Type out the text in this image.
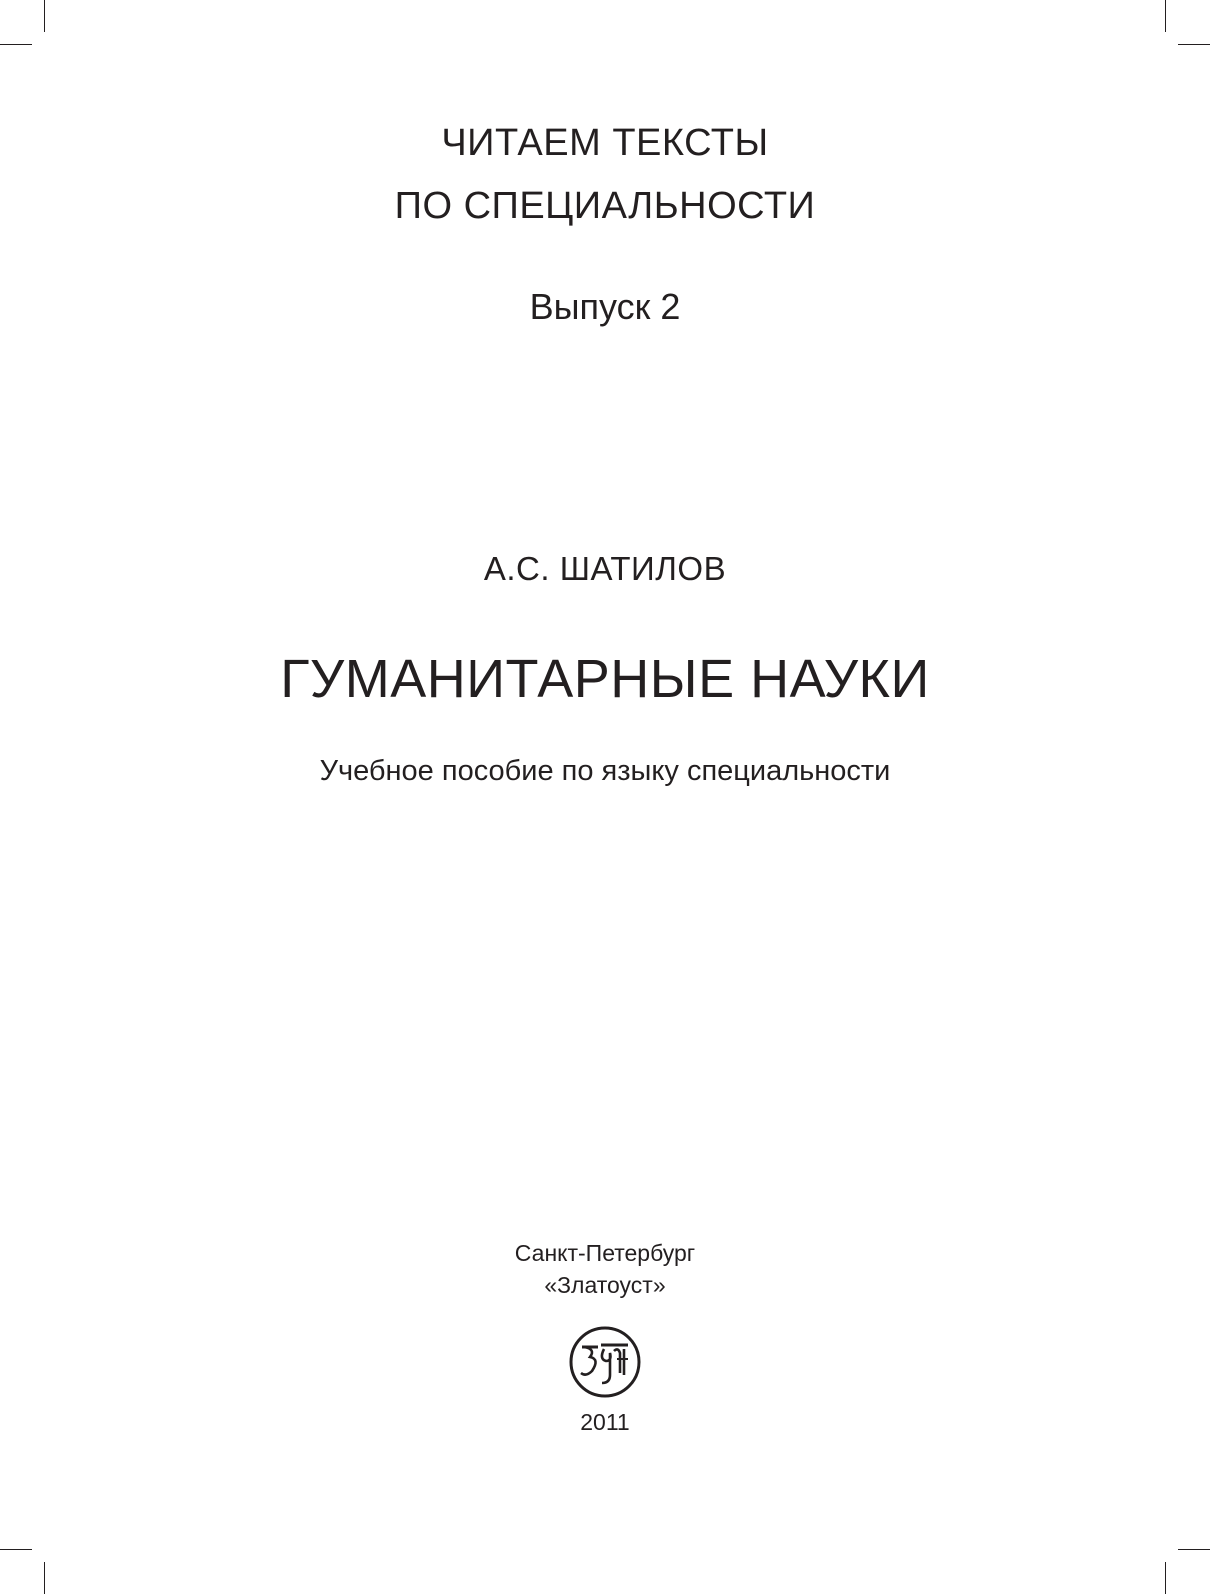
ЧИТАЕМ ТЕКСТЫ
ПО СПЕЦИАЛЬНОСТИ
Выпуск 2
А.С. ШАТИЛОВ
ГУМАНИТАРНЫЕ НАУКИ
Учебное пособие по языку специальности
Санкт-Петербург
«Златоуст»
2011
